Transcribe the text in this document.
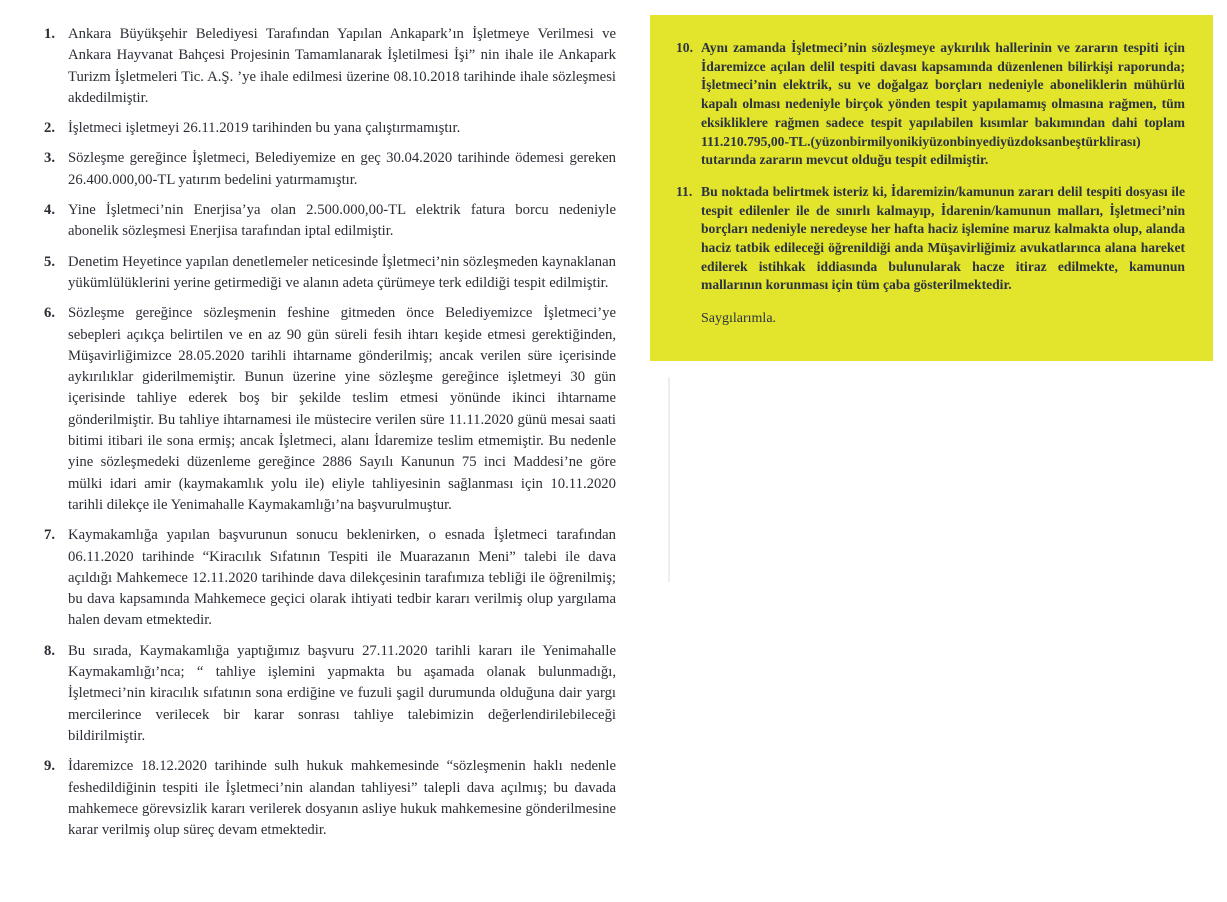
1. Ankara Büyükşehir Belediyesi Tarafından Yapılan Ankapark’ın İşletmeye Verilmesi ve Ankara Hayvanat Bahçesi Projesinin Tamamlanarak İşletilmesi İşi” nin ihale ile Ankapark Turizm İşletmeleri Tic. A.Ş. ’ye ihale edilmesi üzerine 08.10.2018 tarihinde ihale sözleşmesi akdedilmiştir.
2. İşletmeci işletmeyi 26.11.2019 tarihinden bu yana çalıştırmamıştır.
3. Sözleşme gereğince İşletmeci, Belediyemize en geç 30.04.2020 tarihinde ödemesi gereken 26.400.000,00-TL yatırım bedelini yatırmamıştır.
4. Yine İşletmeci’nin Enerjisa’ya olan 2.500.000,00-TL elektrik fatura borcu nedeniyle abonelik sözleşmesi Enerjisa tarafından iptal edilmiştir.
5. Denetim Heyetince yapılan denetlemeler neticesinde İşletmeci’nin sözleşmeden kaynaklanan yükümlülüklerini yerine getirmediği ve alanın adeta çürümeye terk edildiği tespit edilmiştir.
6. Sözleşme gereğince sözleşmenin feshine gitmeden önce Belediyemizce İşletmeci’ye sebepleri açıkça belirtilen ve en az 90 gün süreli fesih ihtarı keşide etmesi gerektiğinden, Müşavirliğimizce 28.05.2020 tarihli ihtarname gönderilmiş; ancak verilen süre içerisinde aykırılıklar giderilmemiştir. Bunun üzerine yine sözleşme gereğince işletmeyi 30 gün içerisinde tahliye ederek boş bir şekilde teslim etmesi yönünde ikinci ihtarname gönderilmiştir. Bu tahliye ihtarnamesi ile müstecire verilen süre 11.11.2020 günü mesai saati bitimi itibari ile sona ermiş; ancak İşletmeci, alanı İdaremize teslim etmemiştir. Bu nedenle yine sözleşmedeki düzenleme gereğince 2886 Sayılı Kanunun 75 inci Maddesi’ne göre mülki idari amir (kaymakamlık yolu ile) eliyle tahliyesinin sağlanması için 10.11.2020 tarihli dilekçe ile Yenimahalle Kaymakamlığı’na başvurulmuştur.
7. Kaymakamlığa yapılan başvurunun sonucu beklenirken, o esnada İşletmeci tarafından 06.11.2020 tarihinde “Kiracılık Sıfatının Tespiti ile Muarazanın Meni” talebi ile dava açıldığı Mahkemece 12.11.2020 tarihinde dava dilekçesinin tarafımıza tebliği ile öğrenilmiş; bu dava kapsamında Mahkemece geçici olarak ihtiyati tedbir kararı verilmiş olup yargılama halen devam etmektedir.
8. Bu sırada, Kaymakamlığa yaptığımız başvuru 27.11.2020 tarihli kararı ile Yenimahalle Kaymakamlığı’nca; “ tahliye işlemini yapmakta bu aşamada olanak bulunmadığı, İşletmeci’nin kiracılık sıfatının sona erdiğine ve fuzuli şagil durumunda olduğuna dair yargı mercilerince verilecek bir karar sonrası tahliye talebimizin değerlendirilebileceği bildirilmiştir.
9. İdaremizce 18.12.2020 tarihinde sulh hukuk mahkemesinde “sözleşmenin haklı nedenle feshedildiğinin tespiti ile İşletmeci’nin alandan tahliyesi” talepli dava açılmış; bu davada mahkemece görevsizlik kararı verilerek dosyanın asliye hukuk mahkemesine gönderilmesine karar verilmiş olup süreç devam etmektedir.
10. Aynı zamanda İşletmeci’nin sözleşmeye aykırılık hallerinin ve zararın tespiti için İdaremizce açılan delil tespiti davası kapsamında düzenlenen bilirkişi raporunda; İşletmeci’nin elektrik, su ve doğalgaz borçları nedeniyle aboneliklerin mühürlü kapalı olması nedeniyle birçok yönden tespit yapılamamış olmasına rağmen, tüm eksikliklere rağmen sadece tespit yapılabilen kısımlar bakımından dahi toplam 111.210.795,00-TL.(yüzonbirmilyonikiyüzonbinyediyüzdoksanbeştürklirası) tutarında zararın mevcut olduğu tespit edilmiştir.
11. Bu noktada belirtmek isteriz ki, İdaremizin/kamunun zararı delil tespiti dosyası ile tespit edilenler ile de sınırlı kalmayıp, İdarenin/kamunun malları, İşletmeci’nin borçları nedeniyle neredeyse her hafta haciz işlemine maruz kalmakta olup, alanda haciz tatbik edileceği öğrenildiği anda Müşavirliğimiz avukatlarınca alana hareket edilerek istihkak iddiasında bulunularak hacze itiraz edilmekte, kamunun mallarının korunması için tüm çaba gösterilmektedir.
Saygılarımla.
